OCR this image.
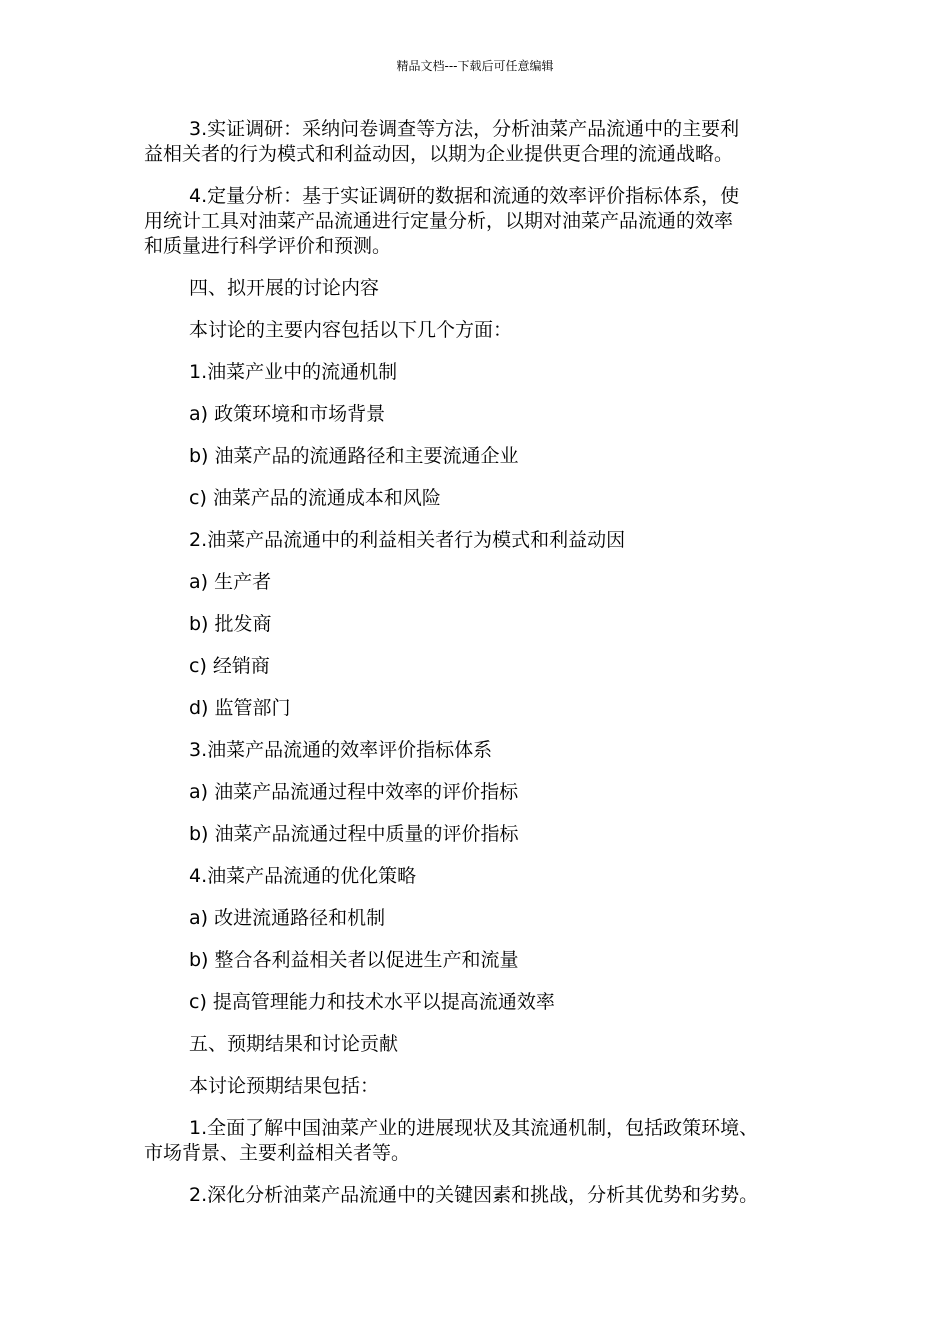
精品文档---下载后可任意编辑

3.实证调研：采纳问卷调查等方法，分析油菜产品流通中的主要利
益相关者的行为模式和利益动因，以期为企业提供更合理的流通战略。

4.定量分析：基于实证调研的数据和流通的效率评价指标体系，使
用统计工具对油菜产品流通进行定量分析，以期对油菜产品流通的效率
和质量进行科学评价和预测。

四、拟开展的讨论内容

本讨论的主要内容包括以下几个方面：

1.油菜产业中的流通机制

a) 政策环境和市场背景

b) 油菜产品的流通路径和主要流通企业

c) 油菜产品的流通成本和风险

2.油菜产品流通中的利益相关者行为模式和利益动因

a) 生产者

b) 批发商

c) 经销商

d) 监管部门

3.油菜产品流通的效率评价指标体系

a) 油菜产品流通过程中效率的评价指标

b) 油菜产品流通过程中质量的评价指标

4.油菜产品流通的优化策略

a) 改进流通路径和机制

b) 整合各利益相关者以促进生产和流量

c) 提高管理能力和技术水平以提高流通效率

五、预期结果和讨论贡献

本讨论预期结果包括：

1.全面了解中国油菜产业的进展现状及其流通机制，包括政策环境、
市场背景、主要利益相关者等。

2.深化分析油菜产品流通中的关键因素和挑战，分析其优势和劣势。
